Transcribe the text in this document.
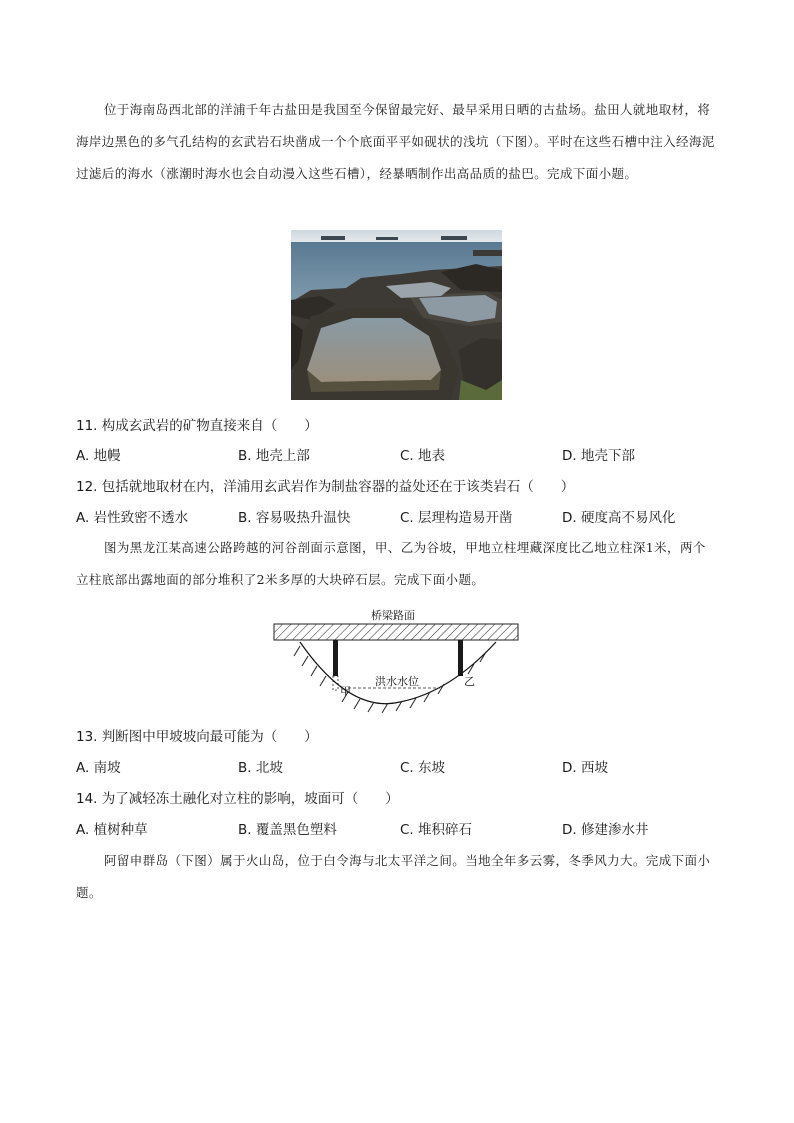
位于海南岛西北部的洋浦千年古盐田是我国至今保留最完好、最早采用日晒的古盐场。盐田人就地取材，将海岸边黑色的多气孔结构的玄武岩石块凿成一个个底面平平如砚状的浅坑（下图）。平时在这些石槽中注入经海泥过滤后的海水（涨潮时海水也会自动漫入这些石槽），经暴晒制作出高品质的盐巴。完成下面小题。

11. 构成玄武岩的矿物直接来自（　　）

A. 地幔	B. 地壳上部	C. 地表	D. 地壳下部

12. 包括就地取材在内，洋浦用玄武岩作为制盐容器的益处还在于该类岩石（　　）

A. 岩性致密不透水	B. 容易吸热升温快	C. 层理构造易开凿	D. 硬度高不易风化

图为黑龙江某高速公路跨越的河谷剖面示意图，甲、乙为谷坡，甲地立柱埋藏深度比乙地立柱深1米，两个立柱底部出露地面的部分堆积了2米多厚的大块碎石层。完成下面小题。

桥梁路面
洪水水位
甲
乙

13. 判断图中甲坡坡向最可能为（　　）

A. 南坡	B. 北坡	C. 东坡	D. 西坡

14. 为了减轻冻土融化对立柱的影响，坡面可（　　）

A. 植树种草	B. 覆盖黑色塑料	C. 堆积碎石	D. 修建渗水井

阿留申群岛（下图）属于火山岛，位于白令海与北太平洋之间。当地全年多云雾，冬季风力大。完成下面小题。
